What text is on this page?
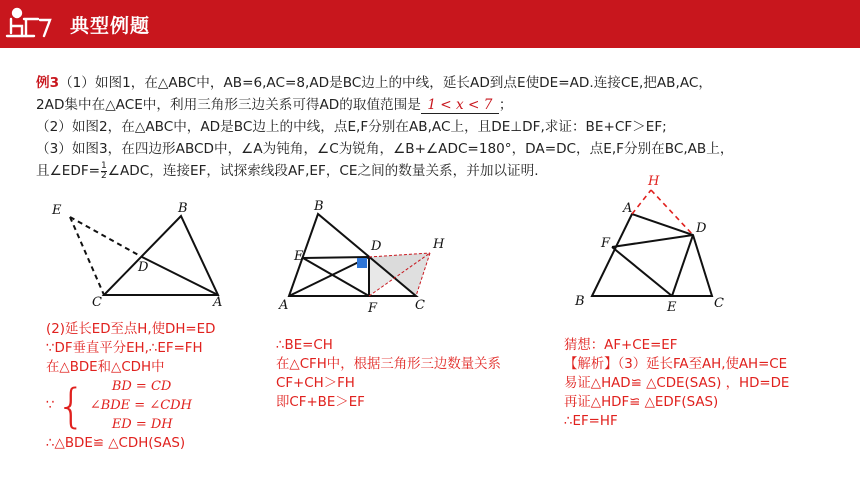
典型例题
例3（1）如图1，在△ABC中，AB=6,AC=8,AD是BC边上的中线，延长AD到点E使DE=AD.连接CE,把AB,AC，
2AD集中在△ACE中，利用三角形三边关系可得AD的取值范围是 1 < x < 7 ；
（2）如图2，在△ABC中，AD是BC边上的中线，点E,F分别在AB,AC上，且DE⊥DF,求证：BE+CF＞EF;
（3）如图3，在四边形ABCD中，∠A为钝角，∠C为锐角，∠B+∠ADC=180°，DA=DC，点E,F分别在BC,AB上，
且∠EDF= $\frac{1}{2}$ ∠ADC，连接EF，试探索线段AF,EF，CE之间的数量关系，并加以证明.
E	B
D
C	A
B
D	H
E
A	F	C
H
A
D
F
B	E	C
(2)延长ED至点H,使DH=ED
∵DF垂直平分EH,∴EF=FH
在△BDE和△CDH中
∵ {	BD = CD
∠BDE = ∠CDH
ED = DH
∴△BDE≌ △CDH(SAS)
∴BE=CH
在△CFH中，根据三角形三边数量关系
CF+CH＞FH
即CF+BE＞EF
猜想：AF+CE=EF
【解析】（3）延长FA至AH,使AH=CE
易证△HAD≌ △CDE(SAS) ，HD=DE
再证△HDF≌ △EDF(SAS)
∴EF=HF
